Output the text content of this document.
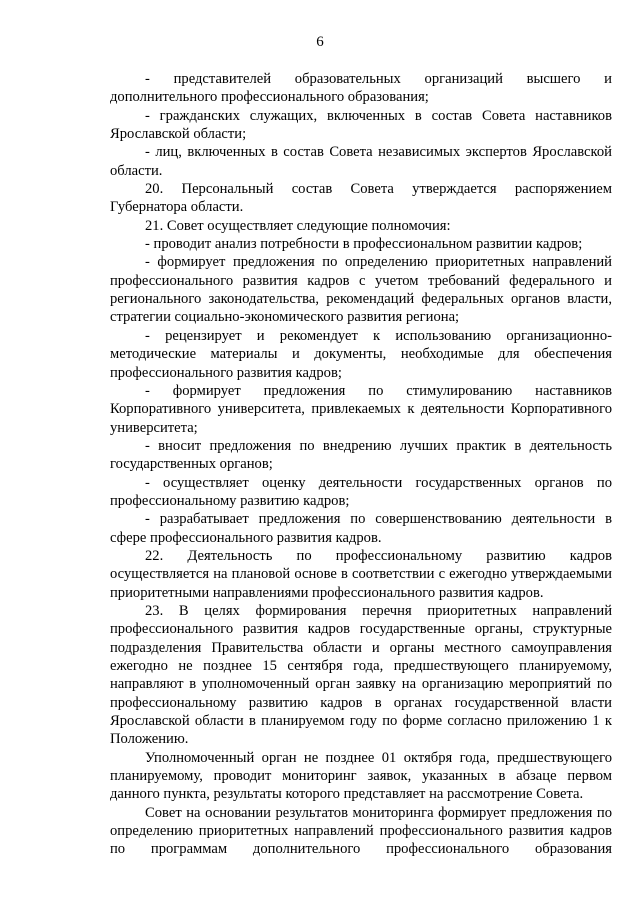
6

- представителей образовательных организаций высшего и дополнительного профессионального образования;

- гражданских служащих, включенных в состав Совета наставников Ярославской области;

- лиц, включенных в состав Совета независимых экспертов Ярославской области.

20. Персональный состав Совета утверждается распоряжением Губернатора области.

21. Совет осуществляет следующие полномочия:

- проводит анализ потребности в профессиональном развитии кадров;

- формирует предложения по определению приоритетных направлений профессионального развития кадров с учетом требований федерального и регионального законодательства, рекомендаций федеральных органов власти, стратегии социально-экономического развития региона;

- рецензирует и рекомендует к использованию организационно-методические материалы и документы, необходимые для обеспечения профессионального развития кадров;

- формирует предложения по стимулированию наставников Корпоративного университета, привлекаемых к деятельности Корпоративного университета;

- вносит предложения по внедрению лучших практик в деятельность государственных органов;

- осуществляет оценку деятельности государственных органов по профессиональному развитию кадров;

- разрабатывает предложения по совершенствованию деятельности в сфере профессионального развития кадров.

22. Деятельность по профессиональному развитию кадров осуществляется на плановой основе в соответствии с ежегодно утверждаемыми приоритетными направлениями профессионального развития кадров.

23. В целях формирования перечня приоритетных направлений профессионального развития кадров государственные органы, структурные подразделения Правительства области и органы местного самоуправления ежегодно не позднее 15 сентября года, предшествующего планируемому, направляют в уполномоченный орган заявку на организацию мероприятий по профессиональному развитию кадров в органах государственной власти Ярославской области в планируемом году по форме согласно приложению 1 к Положению.

Уполномоченный орган не позднее 01 октября года, предшествующего планируемому, проводит мониторинг заявок, указанных в абзаце первом данного пункта, результаты которого представляет на рассмотрение Совета.

Совет на основании результатов мониторинга формирует предложения по определению приоритетных направлений профессионального развития кадров по программам дополнительного профессионального образования
